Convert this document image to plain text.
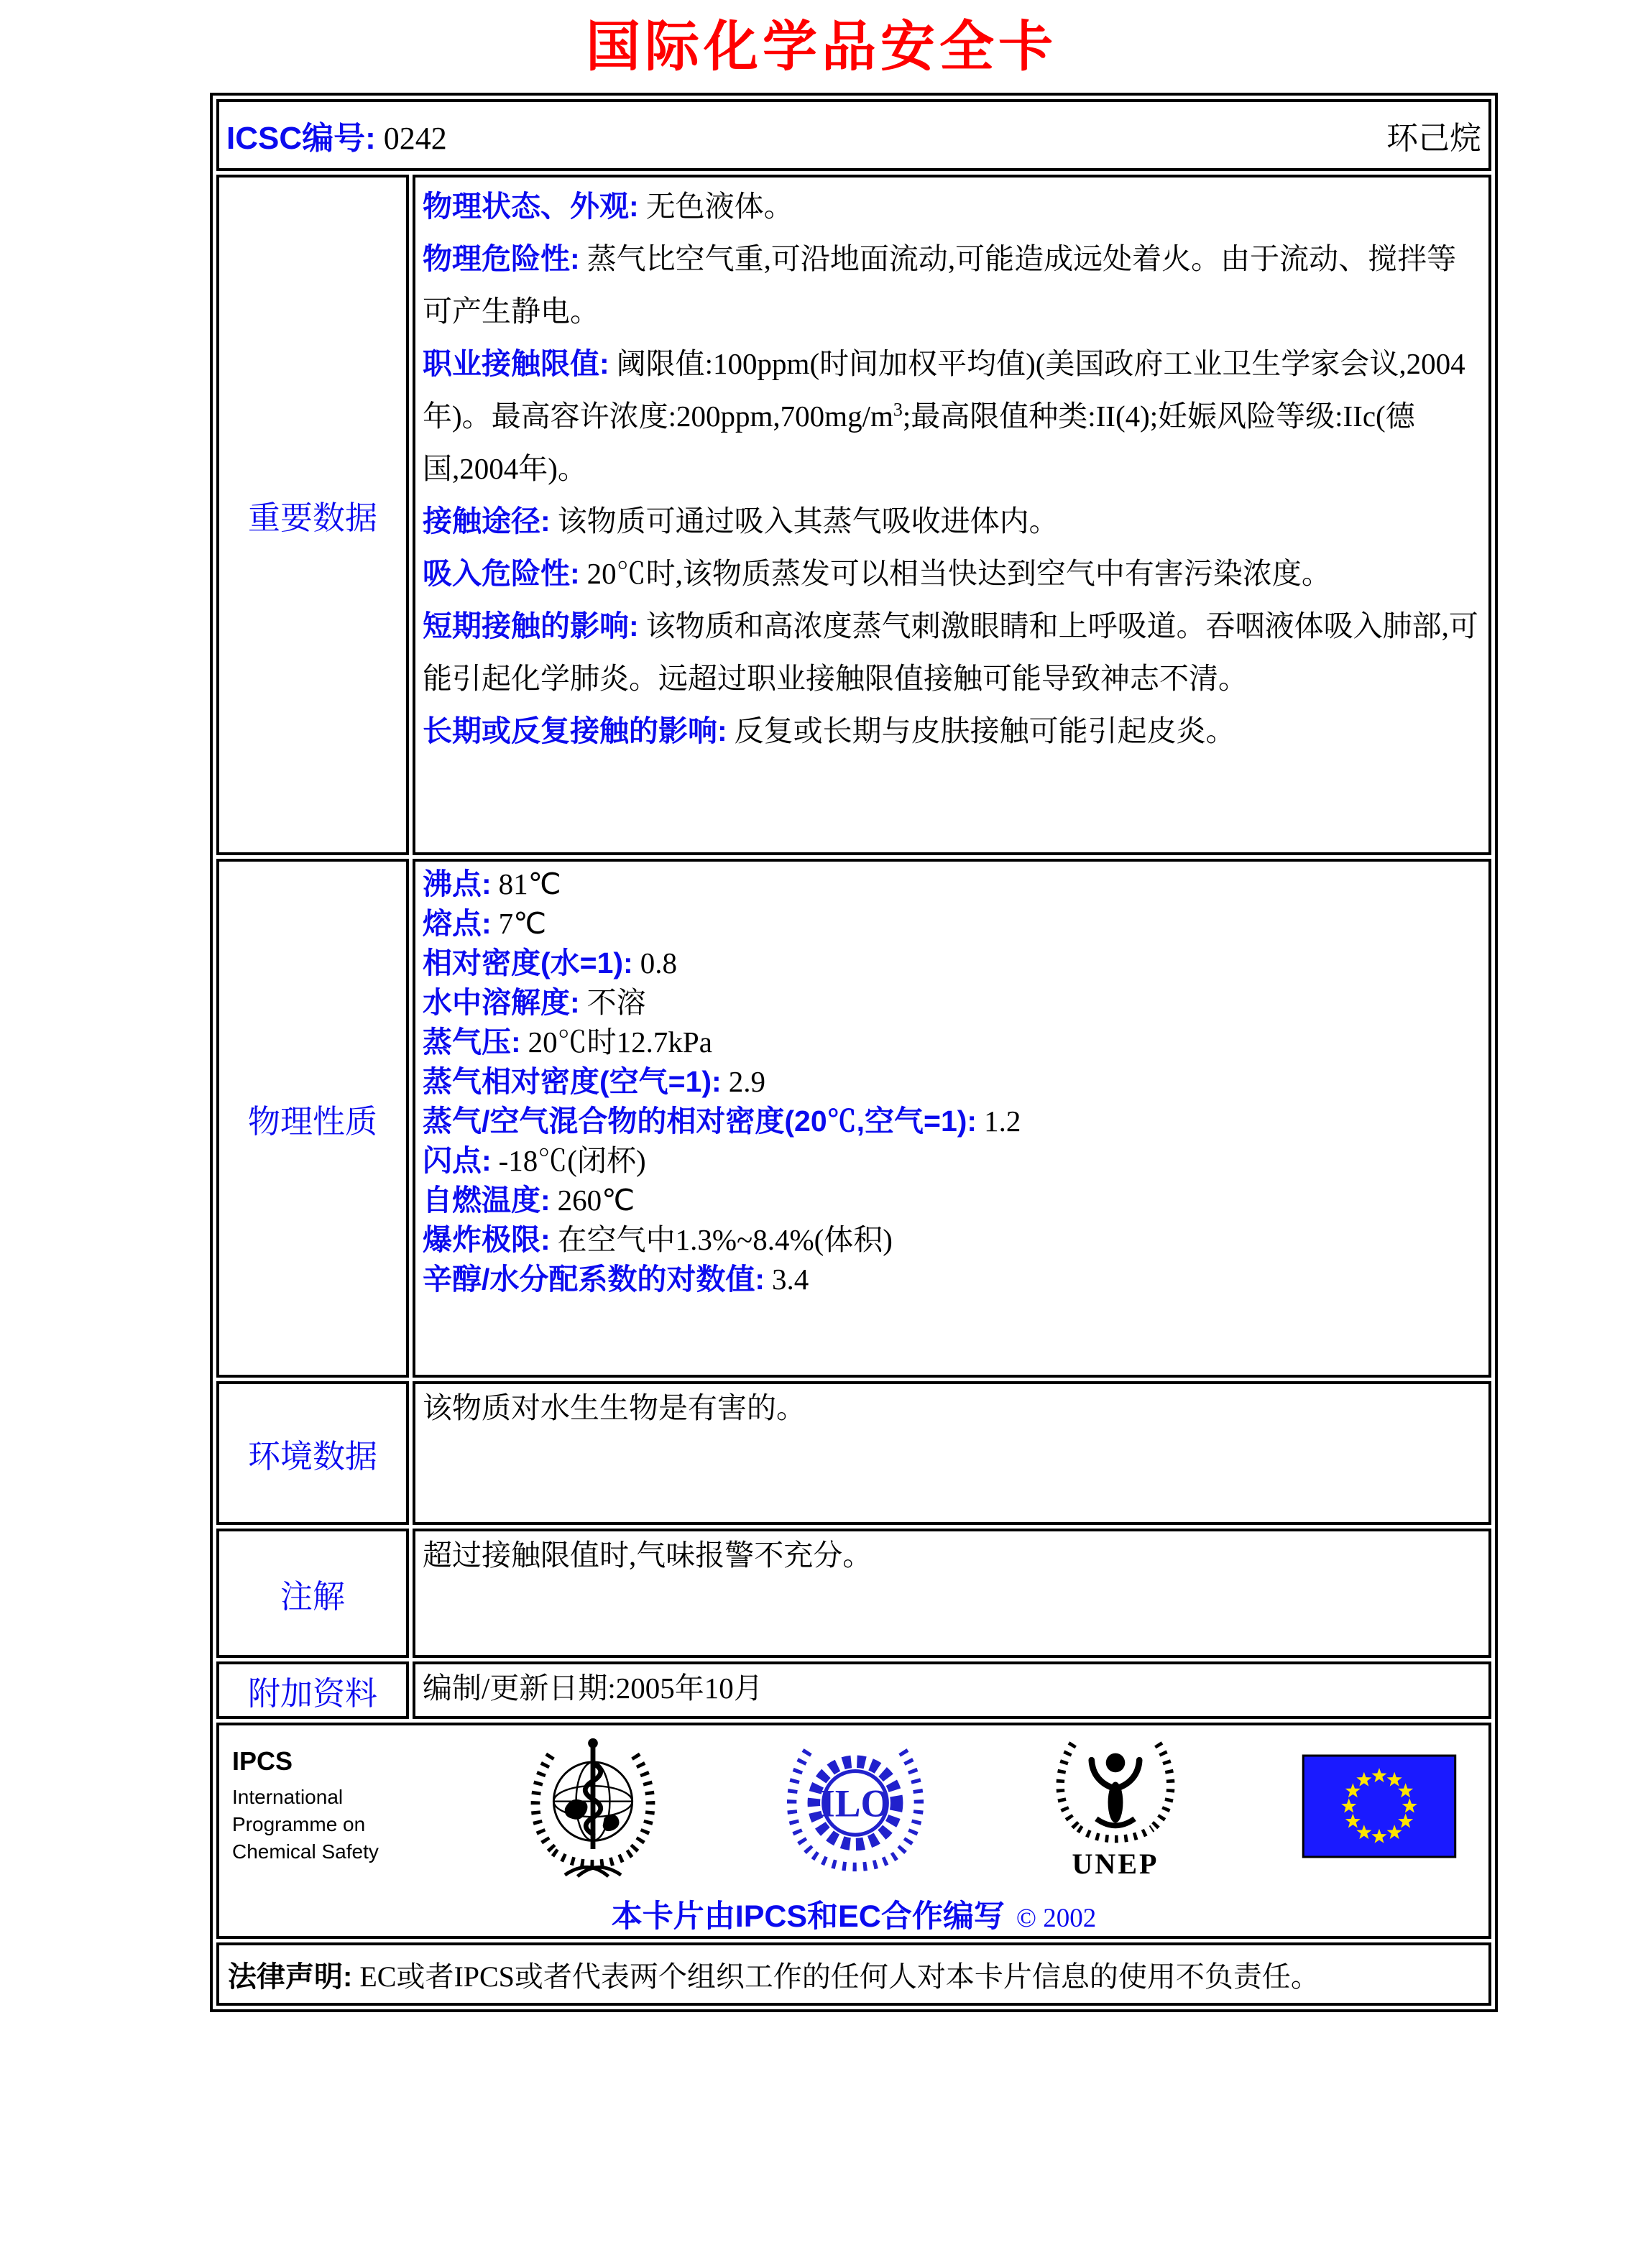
国际化学品安全卡
ICSC编号: 0242 环己烷	

重要数据	
物理状态、外观: 无色液体。
物理危险性: 蒸气比空气重,可沿地面流动,可能造成远处着火。由于流动、搅拌等可产生静电。
职业接触限值: 阈限值:100ppm(时间加权平均值)(美国政府工业卫生学家会议,2004年)。最高容许浓度$:200ppm,700mg/m^3$;最高限值种类:II(4);妊娠风险等级:IIc(德国,2004年)。
接触途径: 该物质可通过吸入其蒸气吸收进体内。
吸入危险性: 20℃时,该物质蒸发可以相当快达到空气中有害污染浓度。
短期接触的影响: 该物质和高浓度蒸气刺激眼睛和上呼吸道。吞咽液体吸入肺部,可能引起化学肺炎。远超过职业接触限值接触可能导致神志不清。
长期或反复接触的影响: 反复或长期与皮肤接触可能引起皮炎。

物理性质	
沸点: 81℃
熔点: 7℃
相对密度(水=1): 0.8
水中溶解度: 不溶
蒸气压: 20℃时12.7kPa
蒸气相对密度(空气=1): 2.9
蒸气/空气混合物的相对密度(20℃,空气=1): 1.2
闪点: -18℃(闭杯)
自燃温度: 260℃
爆炸极限: 在空气中1.3%~8.4%(体积)
辛醇/水分配系数的对数值: 3.4

环境数据	该物质对水生生物是有害的。

注解	超过接触限值时,气味报警不充分。

附加资料	编制/更新日期:2005年10月

IPCS
International
Programme on
Chemical Safety
ILO
UNEP
本卡片由IPCS和EC合作编写 © 2002

法律声明: EC或者IPCS或者代表两个组织工作的任何人对本卡片信息的使用不负责任。	
